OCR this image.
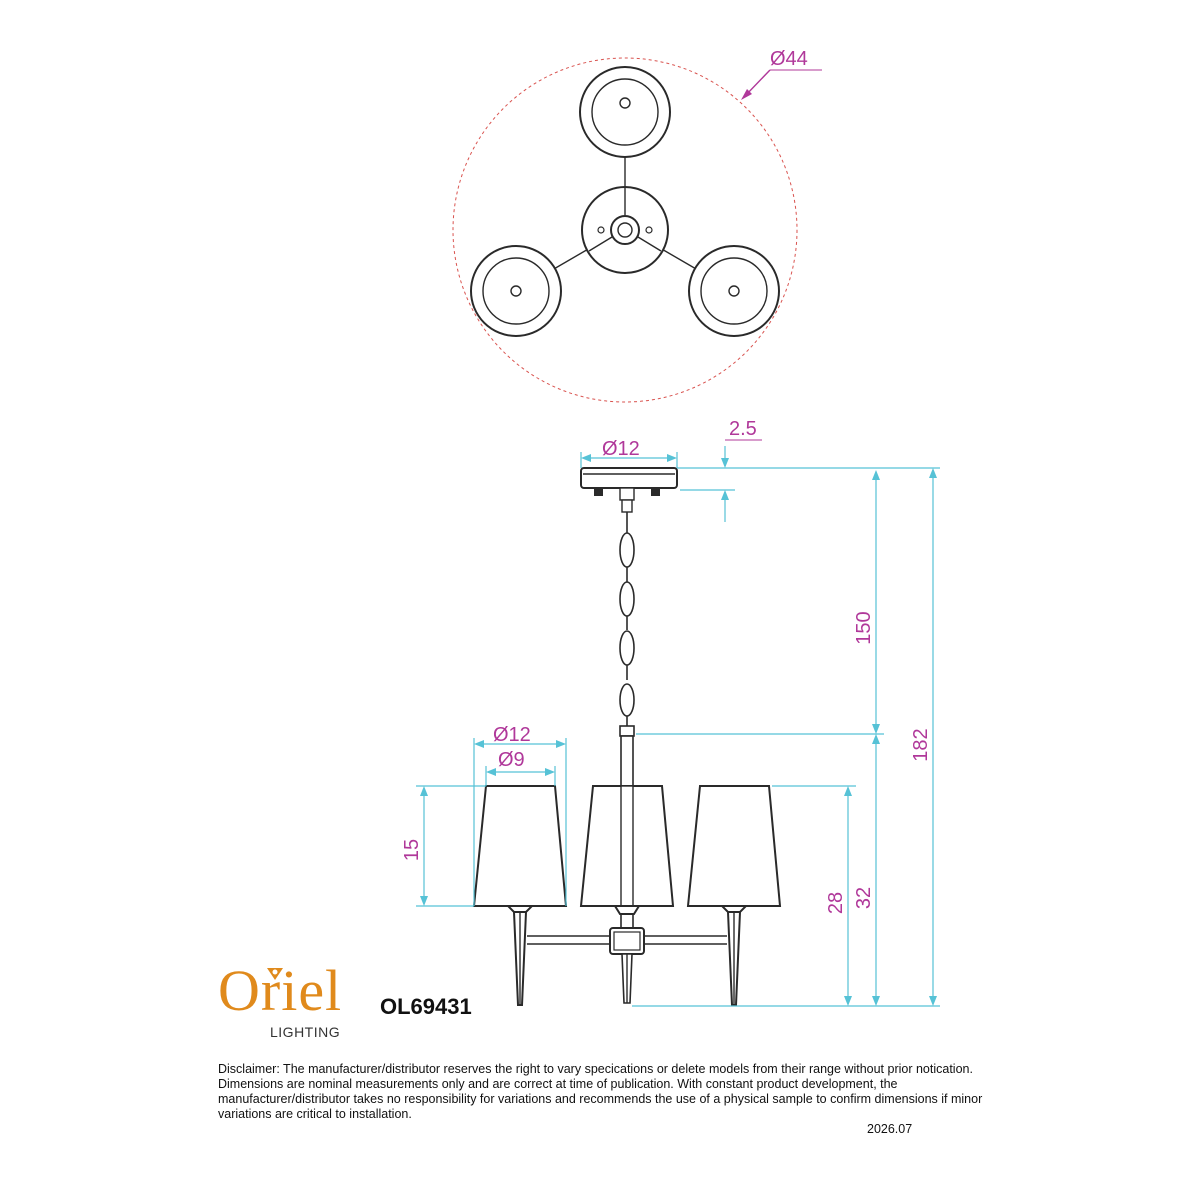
Ø44
Ø12
2.5
150
182
32
28
Ø12
Ø9
15
Oriel
LIGHTING
OL69431
Disclaimer: The manufacturer/distributor reserves the right to vary specications or delete models from their range without prior notication.
Dimensions are nominal measurements only and are correct at time of publication. With constant product development, the
manufacturer/distributor takes no responsibility for variations and recommends the use of a physical sample to confirm dimensions if minor
variations are critical to installation.
2026.07
